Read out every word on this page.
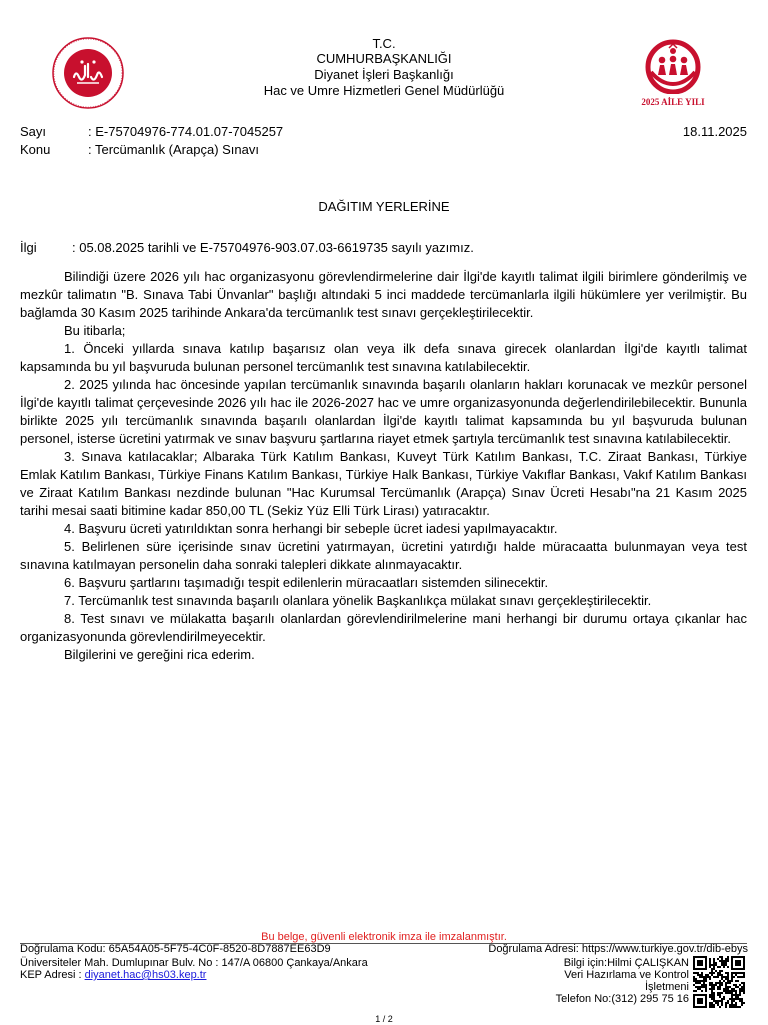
2025 AİLE YILI
T.C.
CUMHURBAŞKANLIĞI
Diyanet İşleri Başkanlığı
Hac ve Umre Hizmetleri Genel Müdürlüğü
Sayı	: E-75704976-774.01.07-7045257	18.11.2025
Konu	: Tercümanlık (Arapça) Sınavı
DAĞITIM YERLERİNE
İlgi	: 05.08.2025 tarihli ve E-75704976-903.07.03-6619735 sayılı yazımız.

Bilindiği üzere 2026 yılı hac organizasyonu görevlendirmelerine dair İlgi'de kayıtlı talimat ilgili birimlere gönderilmiş ve mezkûr talimatın "B. Sınava Tabi Ünvanlar" başlığı altındaki 5 inci maddede tercümanlarla ilgili hükümlere yer verilmiştir. Bu bağlamda 30 Kasım 2025 tarihinde Ankara'da tercümanlık test sınavı gerçekleştirilecektir.

Bu itibarla;

1. Önceki yıllarda sınava katılıp başarısız olan veya ilk defa sınava girecek olanlardan İlgi'de kayıtlı talimat kapsamında bu yıl başvuruda bulunan personel tercümanlık test sınavına katılabilecektir.

2. 2025 yılında hac öncesinde yapılan tercümanlık sınavında başarılı olanların hakları korunacak ve mezkûr personel İlgi'de kayıtlı talimat çerçevesinde 2026 yılı hac ile 2026-2027 hac ve umre organizasyonunda değerlendirilebilecektir. Bununla birlikte 2025 yılı tercümanlık sınavında başarılı olanlardan İlgi'de kayıtlı talimat kapsamında bu yıl başvuruda bulunan personel, isterse ücretini yatırmak ve sınav başvuru şartlarına riayet etmek şartıyla tercümanlık test sınavına katılabilecektir.

3. Sınava katılacaklar; Albaraka Türk Katılım Bankası, Kuveyt Türk Katılım Bankası, T.C. Ziraat Bankası, Türkiye Emlak Katılım Bankası, Türkiye Finans Katılım Bankası, Türkiye Halk Bankası, Türkiye Vakıflar Bankası, Vakıf Katılım Bankası ve Ziraat Katılım Bankası nezdinde bulunan "Hac Kurumsal Tercümanlık (Arapça) Sınav Ücreti Hesabı"na 21 Kasım 2025 tarihi mesai saati bitimine kadar 850,00 TL (Sekiz Yüz Elli Türk Lirası) yatıracaktır.

4. Başvuru ücreti yatırıldıktan sonra herhangi bir sebeple ücret iadesi yapılmayacaktır.

5. Belirlenen süre içerisinde sınav ücretini yatırmayan, ücretini yatırdığı halde müracaatta bulunmayan veya test sınavına katılmayan personelin daha sonraki talepleri dikkate alınmayacaktır.

6. Başvuru şartlarını taşımadığı tespit edilenlerin müracaatları sistemden silinecektir.

7. Tercümanlık test sınavında başarılı olanlara yönelik Başkanlıkça mülakat sınavı gerçekleştirilecektir.

8. Test sınavı ve mülakatta başarılı olanlardan görevlendirilmelerine mani herhangi bir durumu ortaya çıkanlar hac organizasyonunda görevlendirilmeyecektir.

Bilgilerini ve gereğini rica ederim.

Bu belge, güvenli elektronik imza ile imzalanmıştır.
Doğrulama Kodu: 65A54A05-5F75-4C0F-8520-8D7887EE63D9	Doğrulama Adresi: https://www.turkiye.gov.tr/dib-ebys
Üniversiteler Mah. Dumlupınar Bulv. No : 147/A 06800 Çankaya/Ankara
KEP Adresi : diyanet.hac@hs03.kep.tr
Bilgi için:Hilmi ÇALIŞKAN
Veri Hazırlama ve Kontrol
İşletmeni
Telefon No:(312) 295 75 16
1 / 2
